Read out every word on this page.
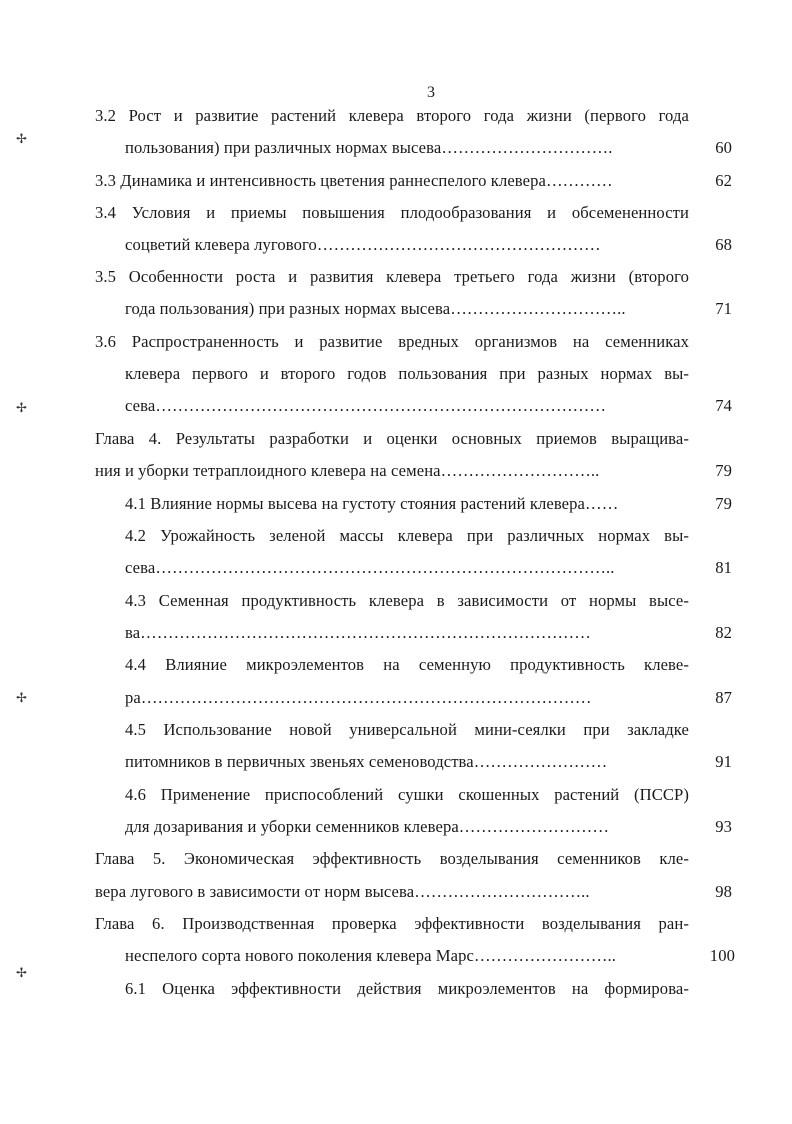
3
3.2 Рост и развитие растений клевера второго года жизни (первого года
пользования) при различных нормах высева………………………….	60
3.3 Динамика и интенсивность цветения раннеспелого клевера…………	62
3.4 Условия и приемы повышения плодообразования и обсемененности
соцветий клевера лугового……………………………………………	68
3.5 Особенности роста и развития клевера третьего года жизни (второго
года пользования) при разных нормах высева…………………………..	71
3.6 Распространенность и развитие вредных организмов на семенниках
клевера первого и второго годов пользования при разных нормах вы-
сева………………………………………………………………………	74
Глава 4. Результаты разработки и оценки основных приемов выращива-
ния и уборки тетраплоидного клевера на семена………………………..	79
4.1 Влияние нормы высева на густоту стояния растений клевера……	79
4.2 Урожайность зеленой массы клевера при различных нормах вы-
сева………………………………………………………………………..	81
4.3 Семенная продуктивность клевера в зависимости от нормы высе-
ва………………………………………………………………………	82
4.4 Влияние микроэлементов на семенную продуктивность клеве-
ра………………………………………………………………………	87
4.5 Использование новой универсальной мини-сеялки при закладке
питомников в первичных звеньях семеноводства……………………	91
4.6 Применение приспособлений сушки скошенных растений (ПССР)
для дозаривания и уборки семенников клевера………………………	93
Глава 5. Экономическая эффективность возделывания семенников кле-
вера лугового в зависимости от норм высева…………………………..	98
Глава 6. Производственная проверка эффективности возделывания ран-
неспелого сорта нового поколения клевера Марс……………………..	100
6.1 Оценка эффективности действия микроэлементов на формирова-
✢
✢
✢
✢
